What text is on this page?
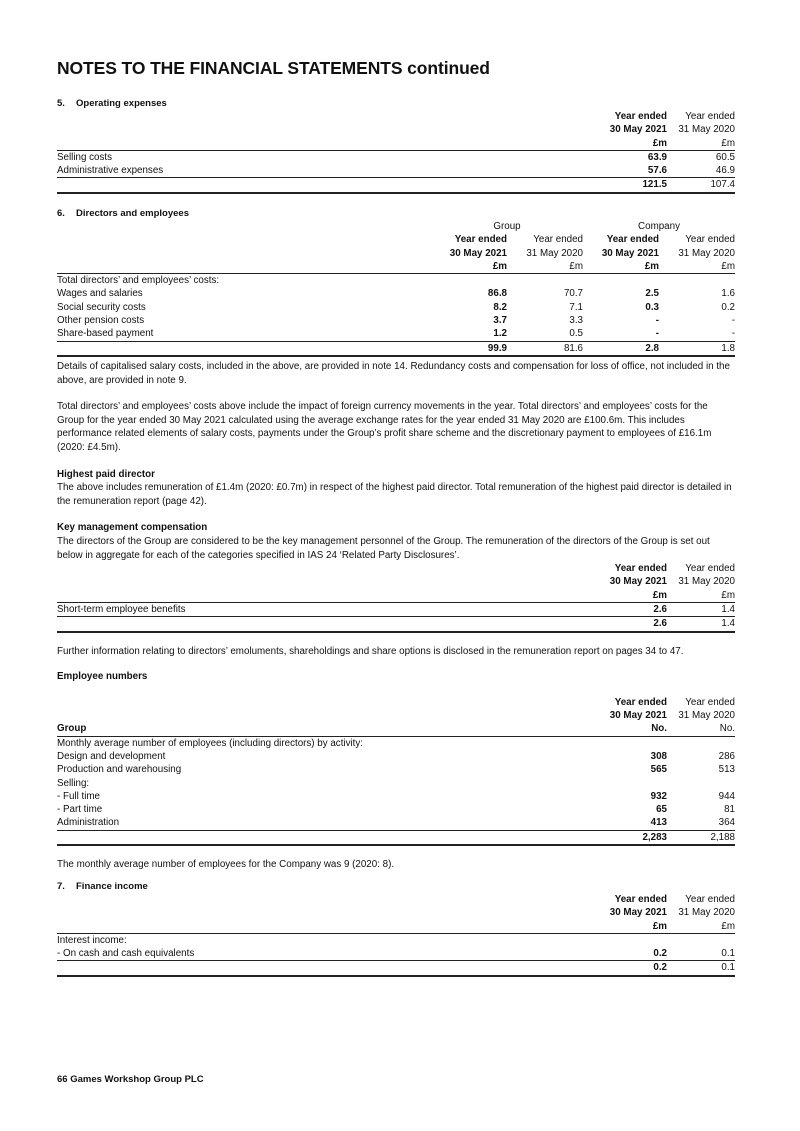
NOTES TO THE FINANCIAL STATEMENTS continued
5. Operating expenses
	Year ended	Year ended
	30 May 2021	31 May 2020
	£m	£m
Selling costs	63.9	60.5
Administrative expenses	57.6	46.9
	121.5	107.4
6. Directors and employees
	Group		Company	
	Year ended	Year ended	Year ended	Year ended
	30 May 2021	31 May 2020	30 May 2021	31 May 2020
	£m	£m	£m	£m
Total directors’ and employees’ costs:				
Wages and salaries	86.8	70.7	2.5	1.6
Social security costs	8.2	7.1	0.3	0.2
Other pension costs	3.7	3.3	-	-
Share-based payment	1.2	0.5	-	-
	99.9	81.6	2.8	1.8

Details of capitalised salary costs, included in the above, are provided in note 14. Redundancy costs and compensation for loss of office, not included in the above, are provided in note 9.

Total directors’ and employees’ costs above include the impact of foreign currency movements in the year. Total directors’ and employees’ costs for the Group for the year ended 30 May 2021 calculated using the average exchange rates for the year ended 31 May 2020 are £100.6m. This includes performance related elements of salary costs, payments under the Group’s profit share scheme and the discretionary payment to employees of £16.1m (2020: £4.5m).

Highest paid director

The above includes remuneration of £1.4m (2020: £0.7m) in respect of the highest paid director. Total remuneration of the highest paid director is detailed in the remuneration report (page 42).

Key management compensation

The directors of the Group are considered to be the key management personnel of the Group. The remuneration of the directors of the Group is set out below in aggregate for each of the categories specified in IAS 24 ‘Related Party Disclosures’.

	Year ended	Year ended
	30 May 2021	31 May 2020
	£m	£m
Short-term employee benefits	2.6	1.4
	2.6	1.4

Further information relating to directors’ emoluments, shareholdings and share options is disclosed in the remuneration report on pages 34 to 47.

Employee numbers

	Year ended	Year ended
	30 May 2021	31 May 2020
Group	No.	No.
Monthly average number of employees (including directors) by activity:		
Design and development	308	286
Production and warehousing	565	513
Selling:		
- Full time	932	944
- Part time	65	81
Administration	413	364
	2,283	2,188

The monthly average number of employees for the Company was 9 (2020: 8).

7. Finance income
	Year ended	Year ended
	30 May 2021	31 May 2020
	£m	£m
Interest income:		
- On cash and cash equivalents	0.2	0.1
	0.2	0.1
66 Games Workshop Group PLC
